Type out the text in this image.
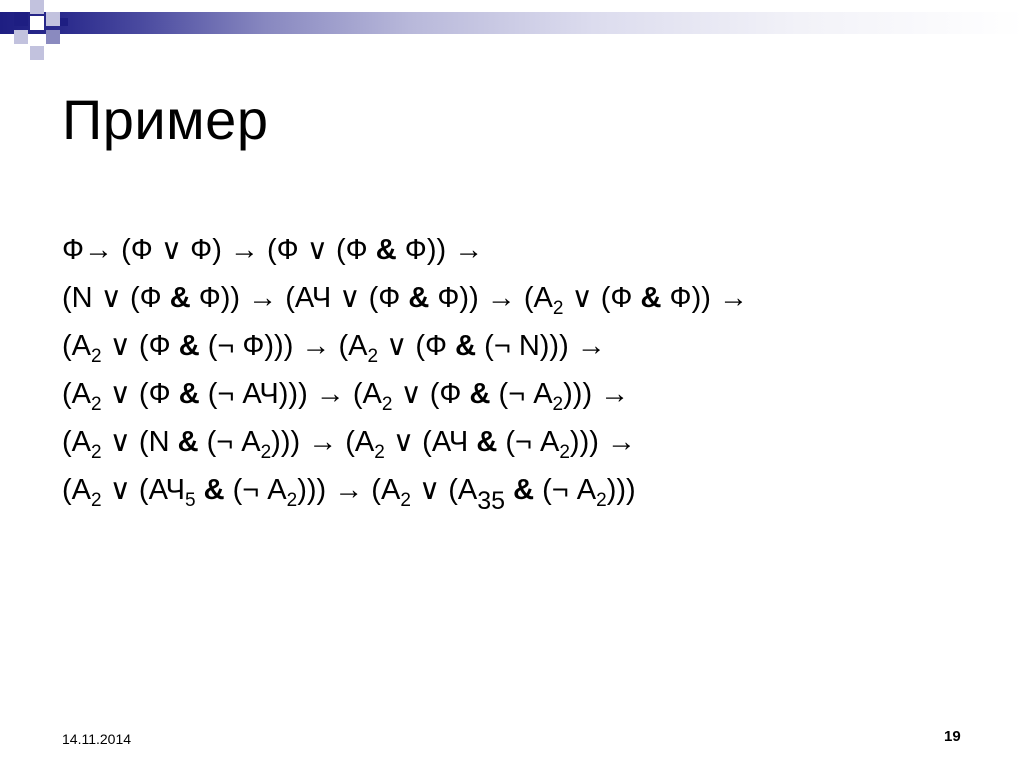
Пример
Ф→ (Ф ∨ Ф) → (Ф ∨ (Ф & Ф)) →
(N ∨ (Ф & Ф)) → (АЧ ∨ (Ф & $Ф)) \to (А_2$ ∨ (Ф & Ф)) →
($А_2$ ∨ (Ф & (¬ $Ф))) \to (А_2$ ∨ (Ф & (¬ N))) →
($А_2$ ∨ (Ф & (¬ $АЧ))) \to (А_2$ ∨ (Ф & (¬ $А_2$))) →
($А_2$ ∨ (N & (¬ $А_2))) \to (А_2$ ∨ (АЧ & (¬ $А_2$))) →
($А_2$ ∨ ($АЧ_5$ & (¬ $А_2))) \to (А_2$ ∨ (А35 & (¬ $А_2$)))
14.11.2014	19
